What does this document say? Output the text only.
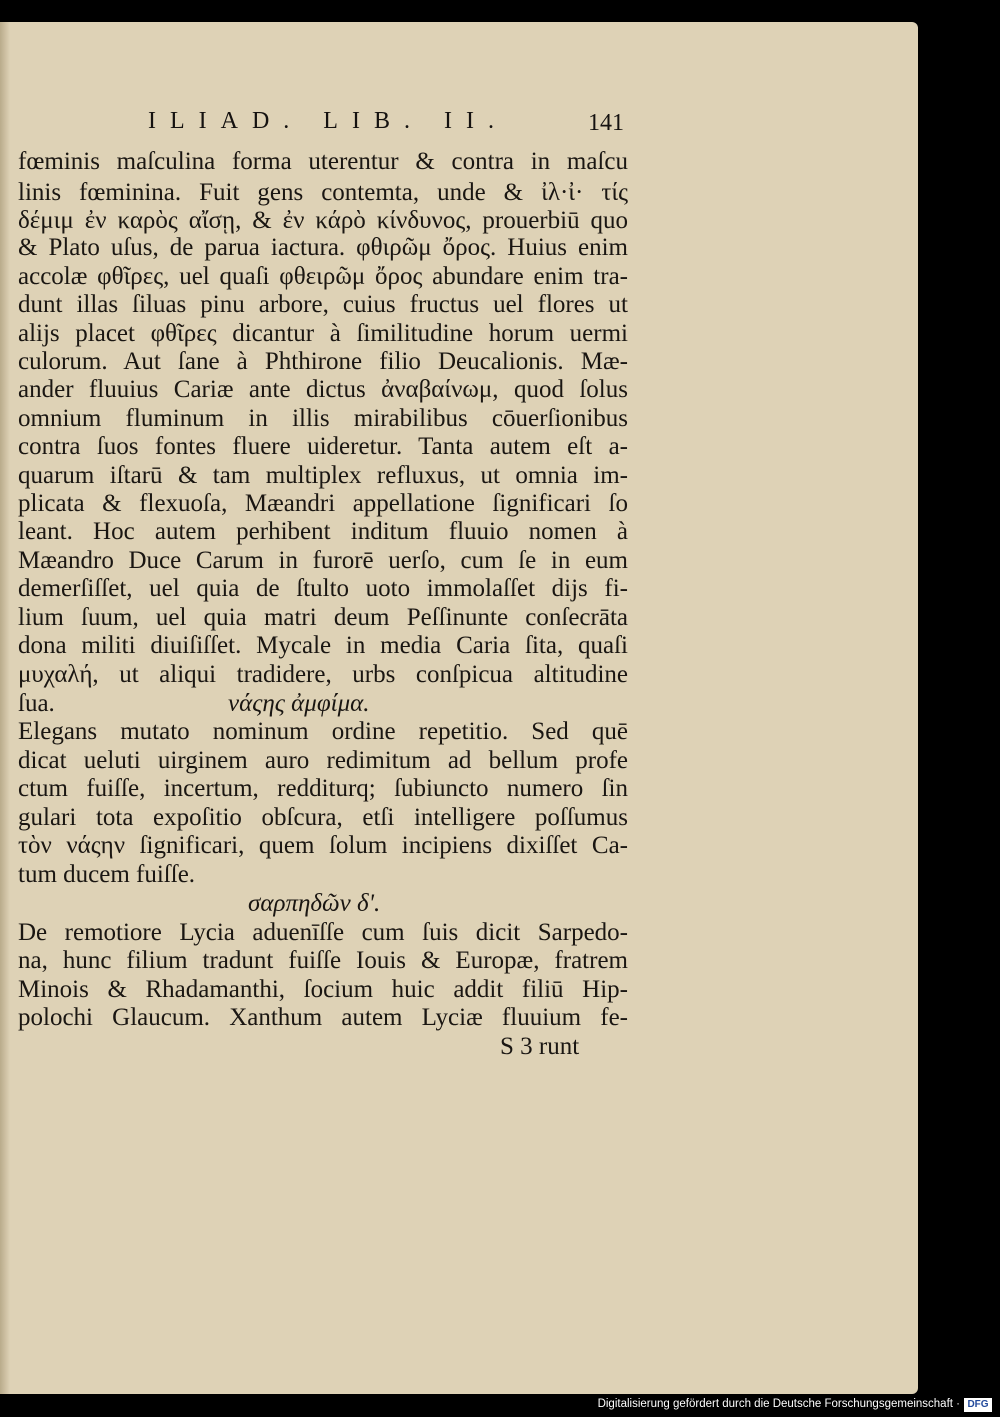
ILIAD. LIB. II.	141
fœminis maſculina forma uterentur & contra in maſcu
linis fœminina. Fuit gens contemta, unde & ἰλ·ἰ· τίς
δέμιμ ἐν καρὸς αἴσῃ, & ἐν κάρὸ κίνδυνος, prouerbiū quo
& Plato uſus, de parua iactura. φθιρῶμ ὄρος. Huius enim
accolæ φθῖρες, uel quaſi φθειρῶμ ὄρος abundare enim tra-
dunt illas ſiluas pinu arbore, cuius fructus uel flores ut
alijs placet φθῖρες dicantur à ſimilitudine horum uermi
culorum. Aut ſane à Phthirone filio Deucalionis. Mæ-
ander fluuius Cariæ ante dictus ἀναβαίνωμ, quod ſolus
omnium fluminum in illis mirabilibus cōuerſionibus
contra ſuos fontes fluere uideretur. Tanta autem eſt a-
quarum iſtarū & tam multiplex refluxus, ut omnia im-
plicata & flexuoſa, Mæandri appellatione ſignificari ſo
leant. Hoc autem perhibent inditum fluuio nomen à
Mæandro Duce Carum in furorē uerſo, cum ſe in eum
demerſiſſet, uel quia de ſtulto uoto immolaſſet dijs fi-
lium ſuum, uel quia matri deum Peſſinunte conſecrāta
dona militi diuiſiſſet. Mycale in media Caria ſita, quaſi
μυχαλή, ut aliqui tradidere, urbs conſpicua altitudine
ſua.	νάςης ἀμφίμα.
Elegans mutato nominum ordine repetitio. Sed quē
dicat ueluti uirginem auro redimitum ad bellum profe
ctum fuiſſe, incertum, redditurq; ſubiuncto numero ſin
gulari tota expoſitio obſcura, etſi intelligere poſſumus
τὸν νάςην ſignificari, quem ſolum incipiens dixiſſet Ca-
tum ducem fuiſſe.
σαρπηδῶν δ'.
De remotiore Lycia aduenīſſe cum ſuis dicit Sarpedo-
na, hunc filium tradunt fuiſſe Iouis & Europæ, fratrem
Minois & Rhadamanthi, ſocium huic addit filiū Hip-
polochi Glaucum. Xanthum autem Lyciæ fluuium fe-
S 3 runt
Digitalisierung gefördert durch die Deutsche Forschungsgemeinschaft · DFG
